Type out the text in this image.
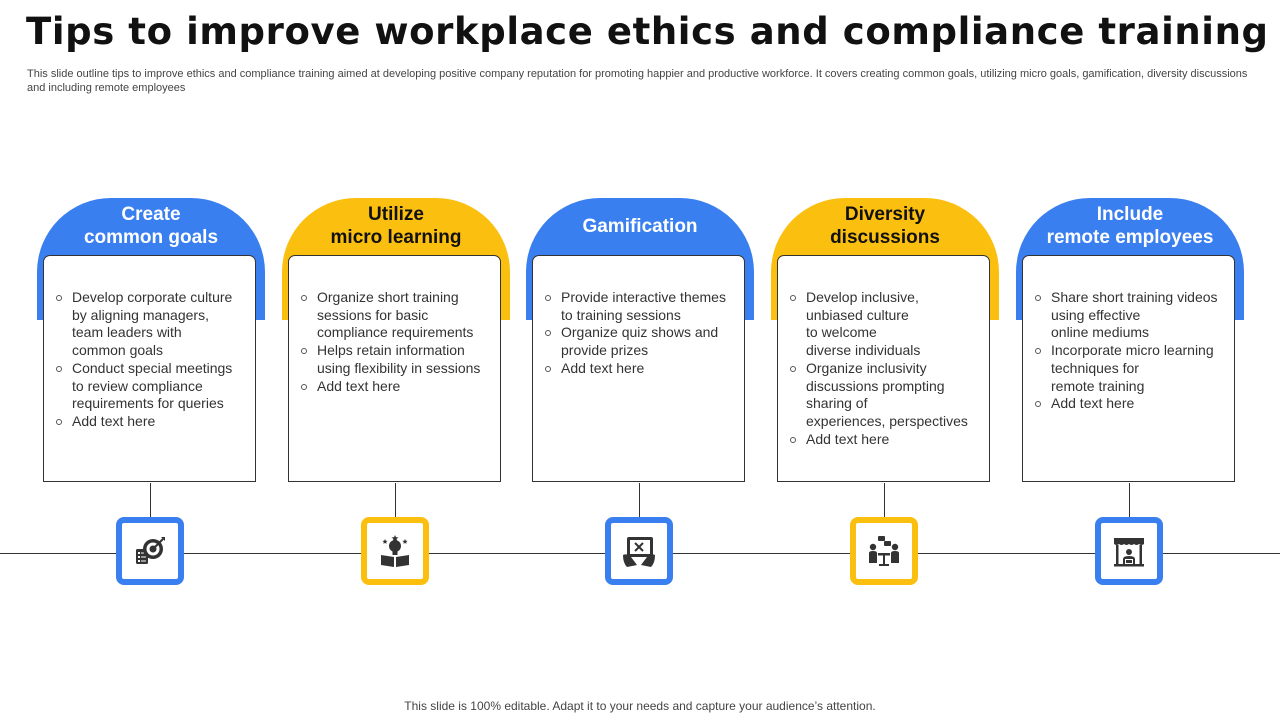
Tips to improve workplace ethics and compliance training

This slide outline tips to improve ethics and compliance training aimed at developing positive company reputation for promoting happier and productive workforce. It covers creating common goals, utilizing micro goals, gamification, diversity discussions and including remote employees

Create
common goals
Develop corporate culture
by aligning managers,
team leaders with
common goals
Conduct special meetings
to review compliance
requirements for queries
Add text here
Utilize
micro learning
Organize short training
sessions for basic
compliance requirements
Helps retain information
using flexibility in sessions
Add text here
Gamification
Provide interactive themes
to training sessions
Organize quiz shows and
provide prizes
Add text here
Diversity
discussions
Develop inclusive,
unbiased culture
to welcome
diverse individuals
Organize inclusivity
discussions prompting
sharing of
experiences, perspectives
Add text here
Include
remote employees
Share short training videos
using effective
online mediums
Incorporate micro learning
techniques for
remote training
Add text here

This slide is 100% editable. Adapt it to your needs and capture your audience’s attention.
